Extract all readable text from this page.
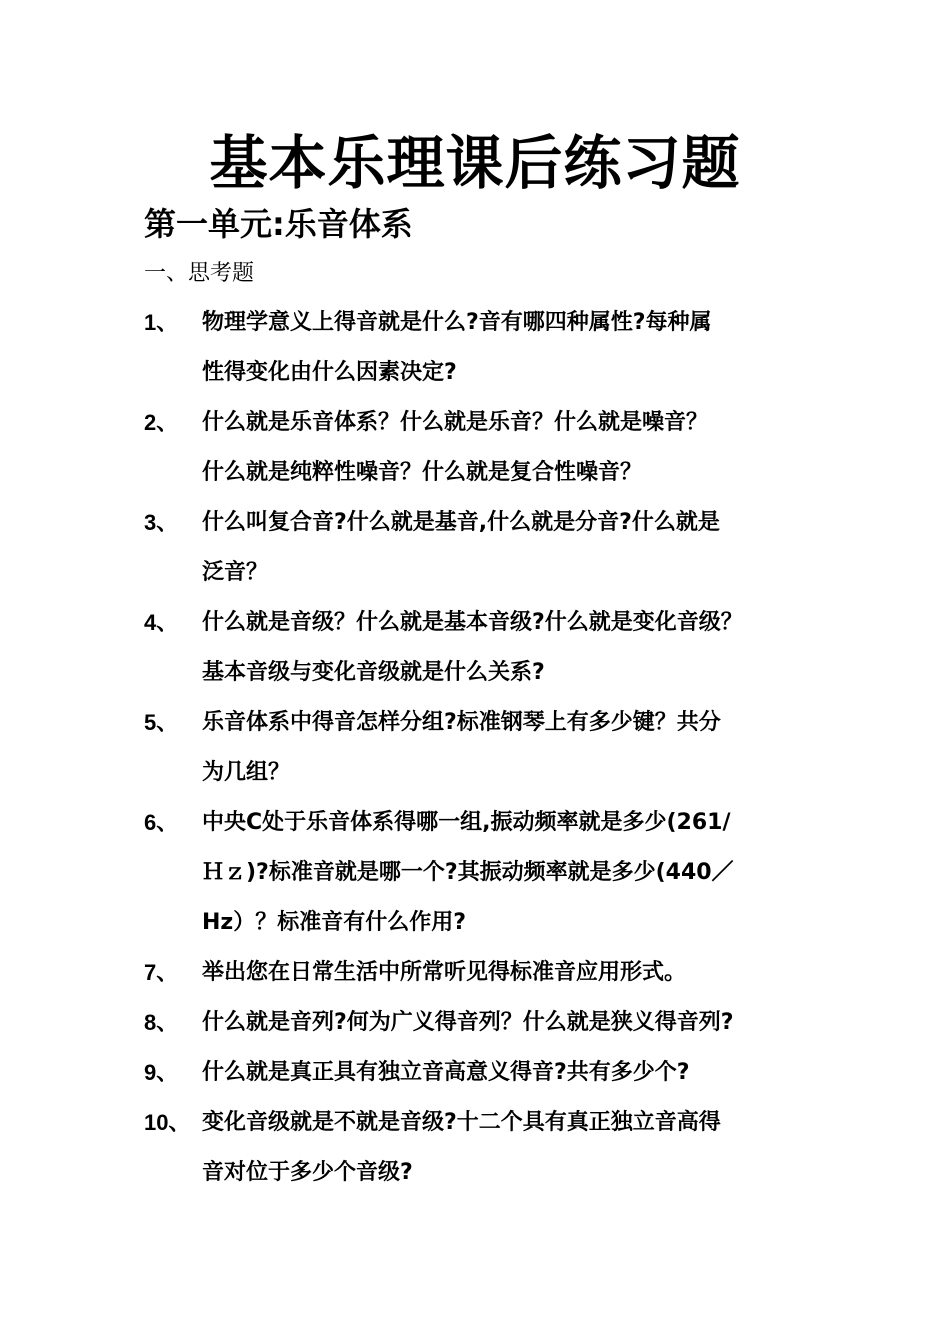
基本乐理课后练习题
第一单元:乐音体系
一、思考题
1、 物理学意义上得音就是什么?音有哪四种属性?每种属
性得变化由什么因素决定?
2、 什么就是乐音体系？什么就是乐音？什么就是噪音？
什么就是纯粹性噪音？什么就是复合性噪音？
3、 什么叫复合音?什么就是基音,什么就是分音?什么就是
泛音？
4、 什么就是音级？什么就是基本音级?什么就是变化音级？
基本音级与变化音级就是什么关系?
5、 乐音体系中得音怎样分组?标准钢琴上有多少键？共分
为几组？
6、 中央C处于乐音体系得哪一组,振动频率就是多少(261/
Ｈｚ)?标准音就是哪一个?其振动频率就是多少(440／
Hz）？标准音有什么作用?
7、 举出您在日常生活中所常听见得标准音应用形式。
8、 什么就是音列?何为广义得音列？什么就是狭义得音列?
9、 什么就是真正具有独立音高意义得音?共有多少个?
10、 变化音级就是不就是音级?十二个具有真正独立音高得
音对位于多少个音级?
